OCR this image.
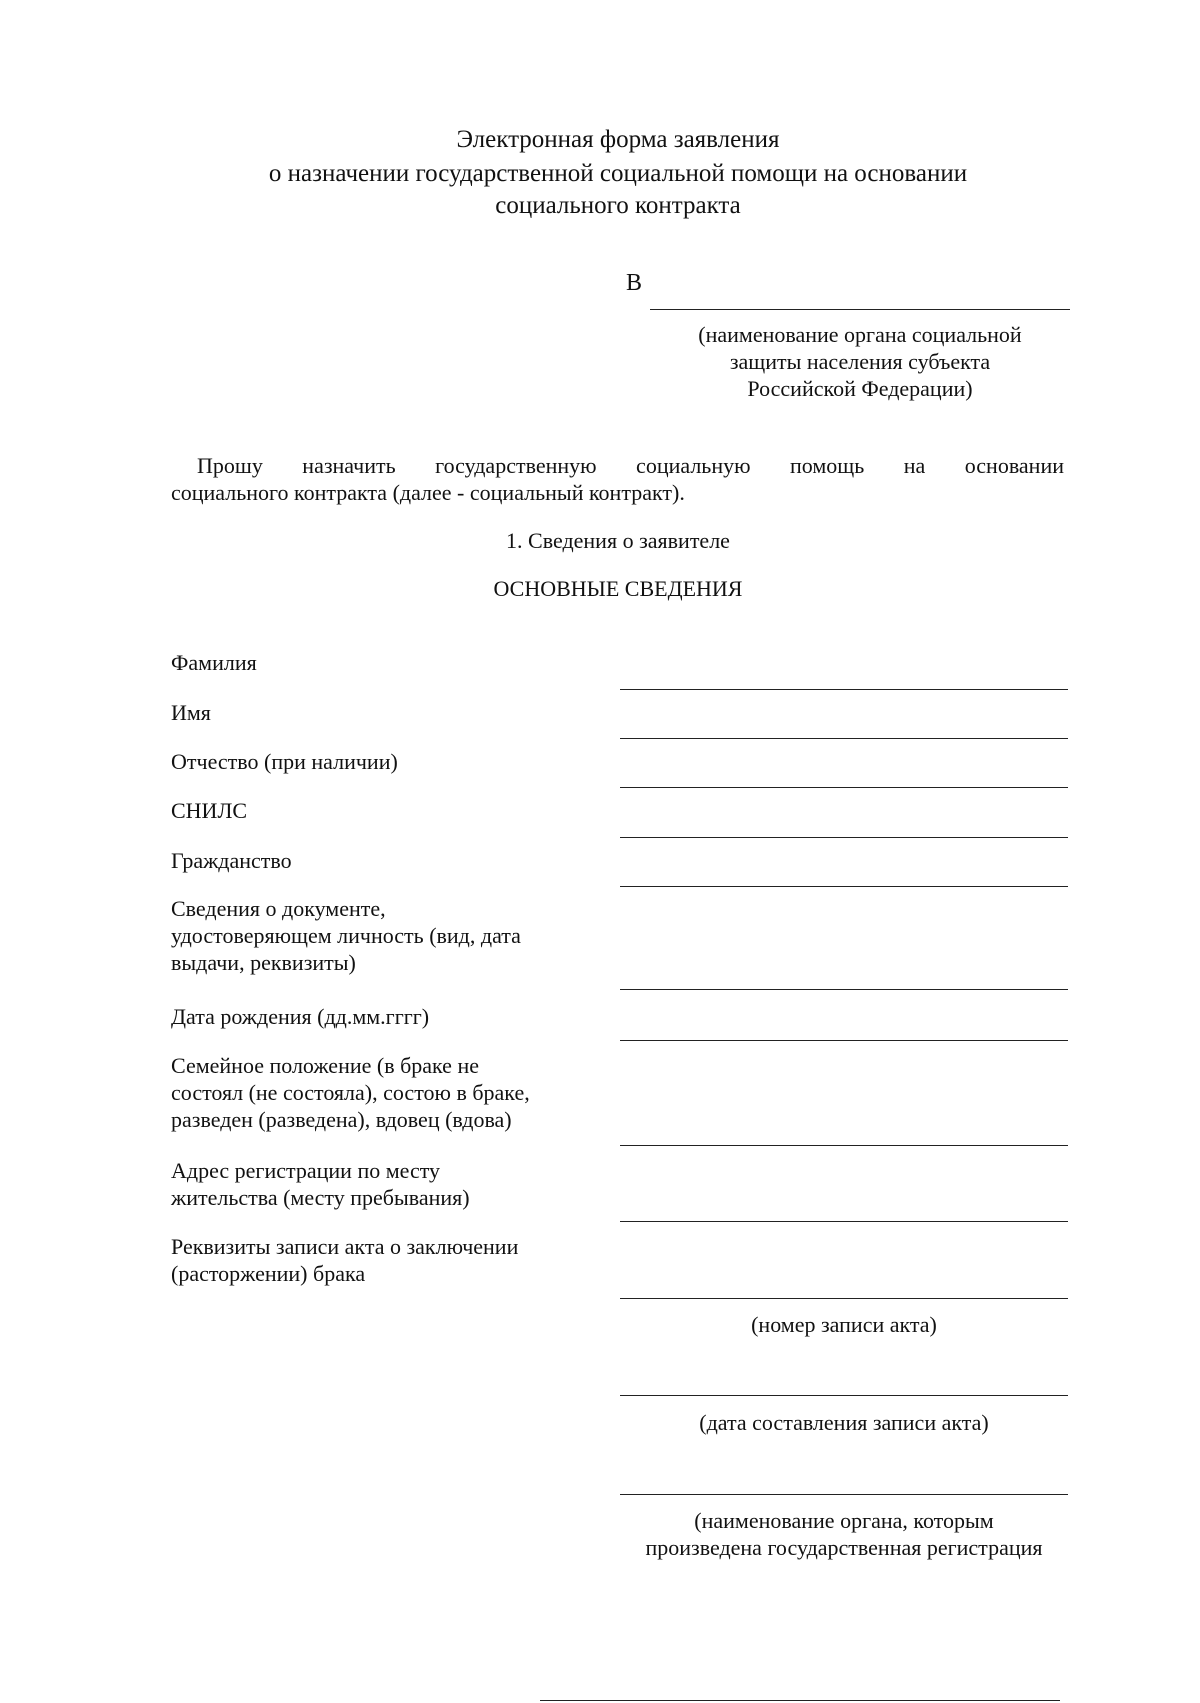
Электронная форма заявления
о назначении государственной социальной помощи на основании
социального контракта
В
(наименование органа социальной
защиты населения субъекта
Российской Федерации)
Прошу назначить государственную социальную помощь на основании
социального контракта (далее - социальный контракт).
1. Сведения о заявителе
ОСНОВНЫЕ СВЕДЕНИЯ
Фамилия
Имя
Отчество (при наличии)
СНИЛС
Гражданство
Сведения о документе,
удостоверяющем личность (вид, дата
выдачи, реквизиты)
Дата рождения (дд.мм.гггг)
Семейное положение (в браке не
состоял (не состояла), состою в браке,
разведен (разведена), вдовец (вдова)
Адрес регистрации по месту
жительства (месту пребывания)
Реквизиты записи акта о заключении
(расторжении) брака
(номер записи акта)
(дата составления записи акта)
(наименование органа, которым
произведена государственная регистрация
